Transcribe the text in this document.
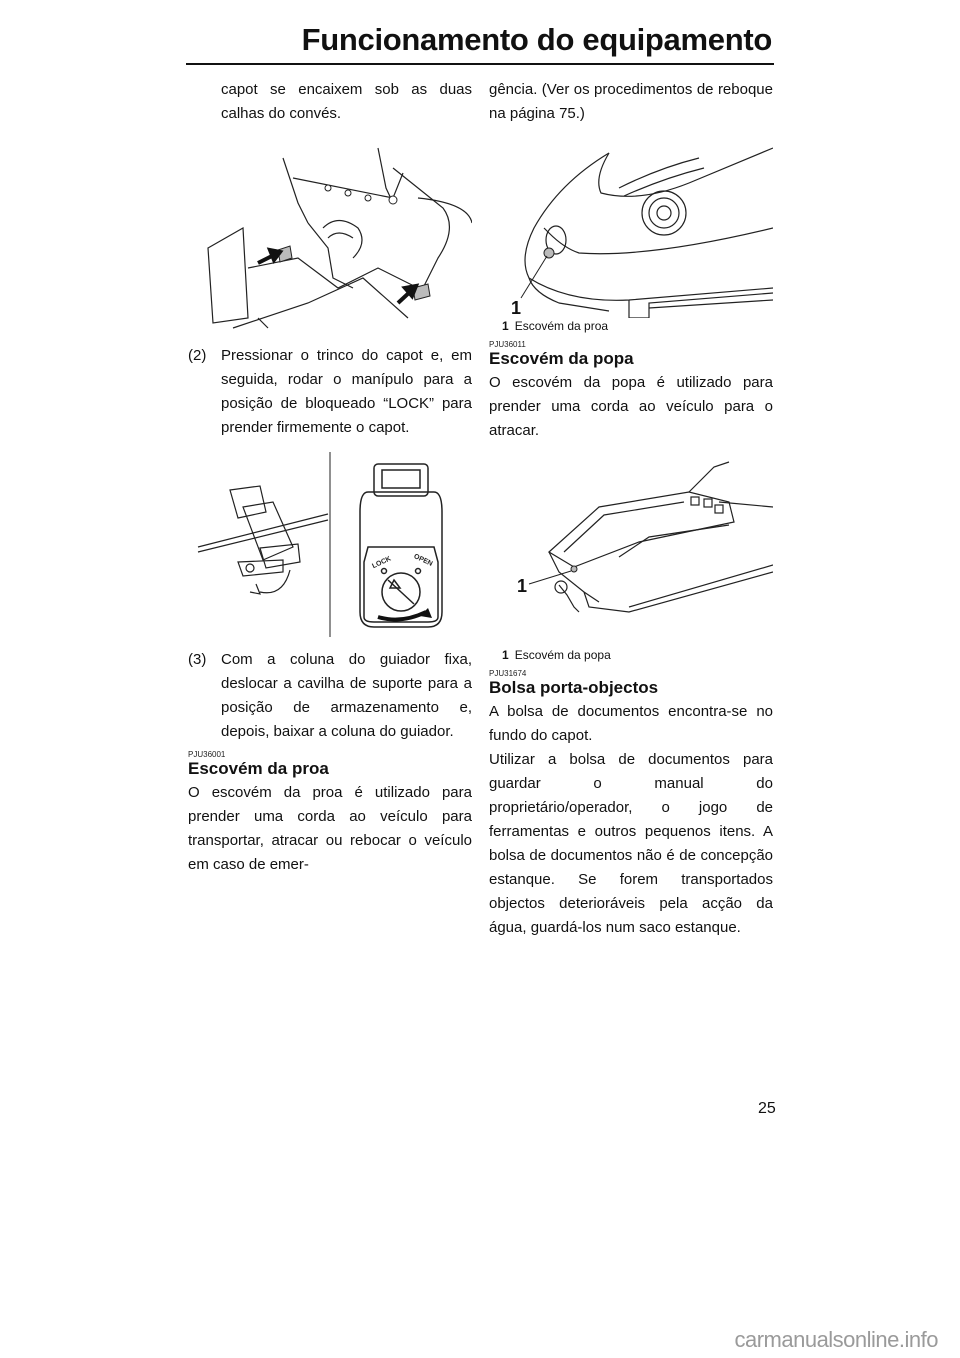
Funcionamento do equipamento

capot se encaixem sob as duas calhas do convés.

(2) Pressionar o trinco do capot e, em seguida, rodar o manípulo para a posição de bloqueado “LOCK” para prender firmemente o capot.
LOCK	OPEN
(3) Com a coluna do guiador fixa, deslocar a cavilha de suporte para a posição de armazenamento e, depois, baixar a coluna do guiador.
PJU36001
Escovém da proa

O escovém da proa é utilizado para prender uma corda ao veículo para transportar, atracar ou rebocar o veículo em caso de emer-

gência. (Ver os procedimentos de reboque na página 75.)

1
1 Escovém da proa
PJU36011
Escovém da popa

O escovém da popa é utilizado para prender uma corda ao veículo para o atracar.

1
1 Escovém da popa
PJU31674
Bolsa porta-objectos

A bolsa de documentos encontra-se no fundo do capot.

Utilizar a bolsa de documentos para guardar o manual do proprietário/operador, o jogo de ferramentas e outros pequenos itens. A bolsa de documentos não é de concepção estanque. Se forem transportados objectos deterioráveis pela acção da água, guardá-los num saco estanque.

25
carmanualsonline.info
